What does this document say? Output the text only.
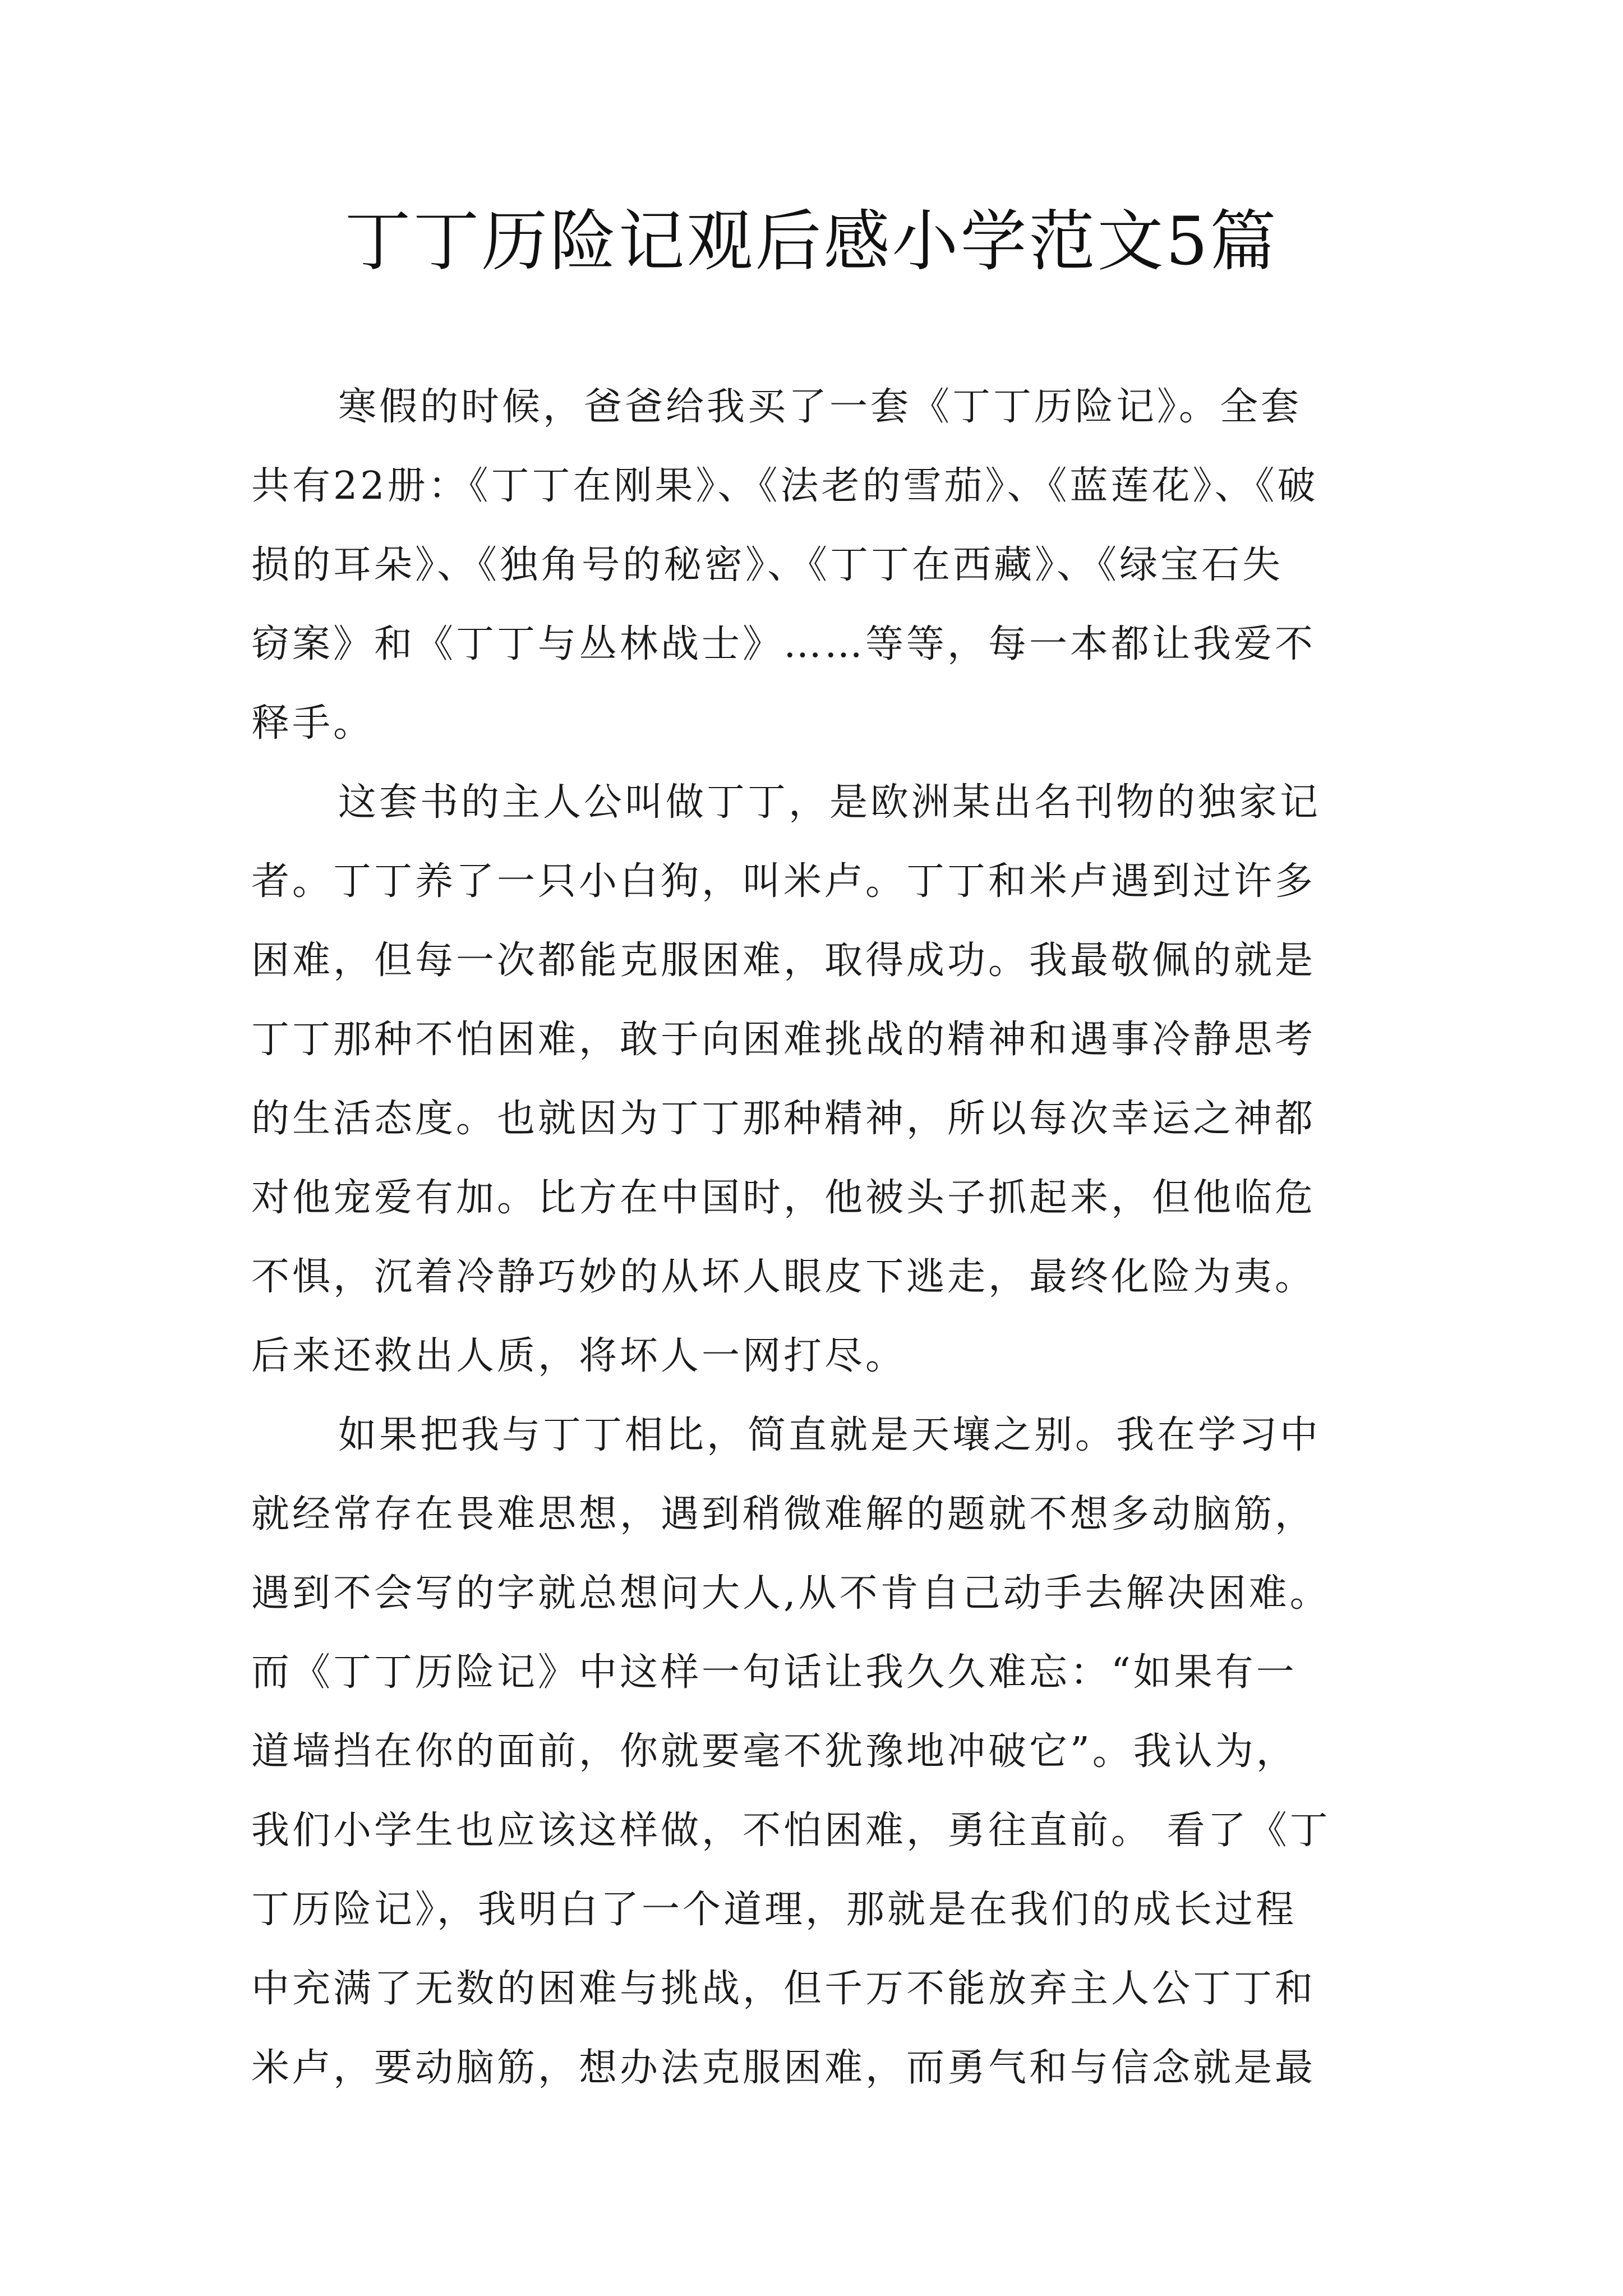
丁丁历险记观后感小学范文5篇
寒假的时候，爸爸给我买了一套《丁丁历险记》。全套
共有22册：《丁丁在刚果》、《法老的雪茄》、《蓝莲花》、《破
损的耳朵》、《独角号的秘密》、《丁丁在西藏》、《绿宝石失
窃案》和《丁丁与丛林战士》……等等，每一本都让我爱不
释手。
这套书的主人公叫做丁丁，是欧洲某出名刊物的独家记
者。丁丁养了一只小白狗，叫米卢。丁丁和米卢遇到过许多
困难，但每一次都能克服困难，取得成功。我最敬佩的就是
丁丁那种不怕困难，敢于向困难挑战的精神和遇事冷静思考
的生活态度。也就因为丁丁那种精神，所以每次幸运之神都
对他宠爱有加。比方在中国时，他被头子抓起来，但他临危
不惧，沉着冷静巧妙的从坏人眼皮下逃走，最终化险为夷。
后来还救出人质，将坏人一网打尽。
如果把我与丁丁相比，简直就是天壤之别。我在学习中
就经常存在畏难思想，遇到稍微难解的题就不想多动脑筋，
遇到不会写的字就总想问大人,从不肯自己动手去解决困难。
而《丁丁历险记》中这样一句话让我久久难忘：“如果有一
道墙挡在你的面前，你就要毫不犹豫地冲破它”。我认为，
我们小学生也应该这样做，不怕困难，勇往直前。 看了《丁
丁历险记》，我明白了一个道理，那就是在我们的成长过程
中充满了无数的困难与挑战，但千万不能放弃主人公丁丁和
米卢，要动脑筋，想办法克服困难，而勇气和与信念就是最
